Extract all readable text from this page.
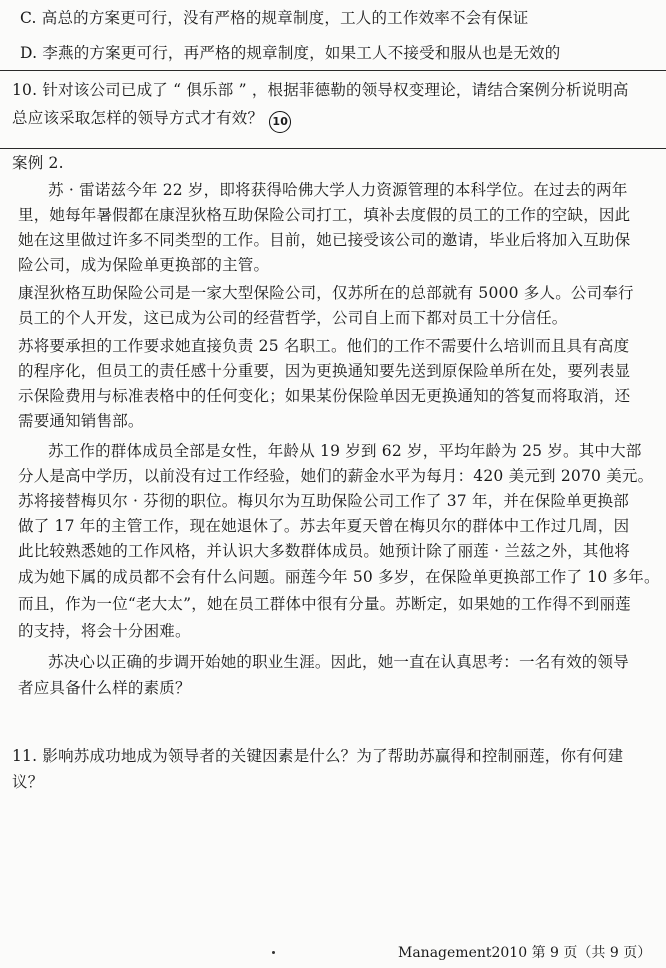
C. 高总的方案更可行，没有严格的规章制度，工人的工作效率不会有保证
D. 李燕的方案更可行，再严格的规章制度，如果工人不接受和服从也是无效的
10. 针对该公司已成了 “ 俱乐部 ” ，根据菲德勒的领导权变理论，请结合案例分析说明高
总应该采取怎样的领导方式才有效？ 10
案例 2.
苏 · 雷诺兹今年 22 岁，即将获得哈佛大学人力资源管理的本科学位。在过去的两年
里，她每年暑假都在康涅狄格互助保险公司打工，填补去度假的员工的工作的空缺，因此
她在这里做过许多不同类型的工作。目前，她已接受该公司的邀请，毕业后将加入互助保
险公司，成为保险单更换部的主管。
康涅狄格互助保险公司是一家大型保险公司，仅苏所在的总部就有 5000 多人。公司奉行
员工的个人开发，这已成为公司的经营哲学，公司自上而下都对员工十分信任。
苏将要承担的工作要求她直接负责 25 名职工。他们的工作不需要什么培训而且具有高度
的程序化，但员工的责任感十分重要，因为更换通知要先送到原保险单所在处，要列表显
示保险费用与标准表格中的任何变化；如果某份保险单因无更换通知的答复而将取消，还
需要通知销售部。
苏工作的群体成员全部是女性，年龄从 19 岁到 62 岁，平均年龄为 25 岁。其中大部
分人是高中学历，以前没有过工作经验，她们的薪金水平为每月：420 美元到 2070 美元。
苏将接替梅贝尔 · 芬彻的职位。梅贝尔为互助保险公司工作了 37 年，并在保险单更换部
做了 17 年的主管工作，现在她退休了。苏去年夏天曾在梅贝尔的群体中工作过几周，因
此比较熟悉她的工作风格，并认识大多数群体成员。她预计除了丽莲 · 兰兹之外，其他将
成为她下属的成员都不会有什么问题。丽莲今年 50 多岁，在保险单更换部工作了 10 多年。
而且，作为一位“老大太”，她在员工群体中很有分量。苏断定，如果她的工作得不到丽莲
的支持，将会十分困难。
苏决心以正确的步调开始她的职业生涯。因此，她一直在认真思考：一名有效的领导
者应具备什么样的素质？
11. 影响苏成功地成为领导者的关键因素是什么？为了帮助苏赢得和控制丽莲，你有何建
议？
Management2010 第 9 页（共 9 页）
